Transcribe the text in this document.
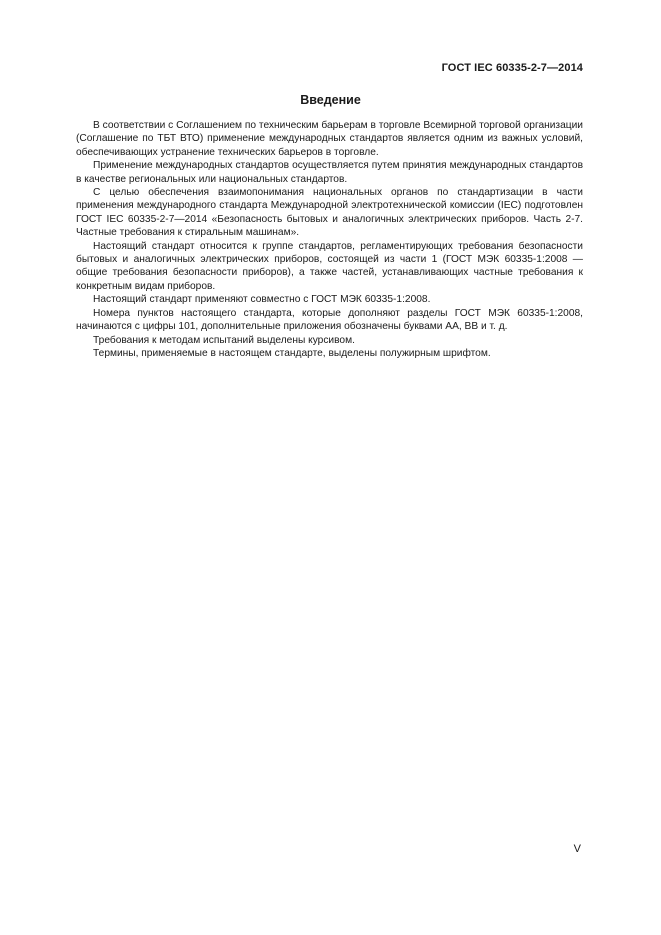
ГОСТ IEC 60335-2-7—2014
Введение

В соответствии с Соглашением по техническим барьерам в торговле Всемирной торговой организации (Соглашение по ТБТ ВТО) применение международных стандартов является одним из важных условий, обеспечивающих устранение технических барьеров в торговле.

Применение международных стандартов осуществляется путем принятия международных стандартов в качестве региональных или национальных стандартов.

С целью обеспечения взаимопонимания национальных органов по стандартизации в части применения международного стандарта Международной электротехнической комиссии (IEC) подготовлен ГОСТ IEC 60335-2-7—2014 «Безопасность бытовых и аналогичных электрических приборов. Часть 2-7. Частные требования к стиральным машинам».

Настоящий стандарт относится к группе стандартов, регламентирующих требования безопасности бытовых и аналогичных электрических приборов, состоящей из части 1 (ГОСТ МЭК 60335-1:2008 — общие требования безопасности приборов), а также частей, устанавливающих частные требования к конкретным видам приборов.

Настоящий стандарт применяют совместно с ГОСТ МЭК 60335-1:2008.

Номера пунктов настоящего стандарта, которые дополняют разделы ГОСТ МЭК 60335-1:2008, начинаются с цифры 101, дополнительные приложения обозначены буквами АА, ВВ и т. д.

Требования к методам испытаний выделены курсивом.

Термины, применяемые в настоящем стандарте, выделены полужирным шрифтом.

V
